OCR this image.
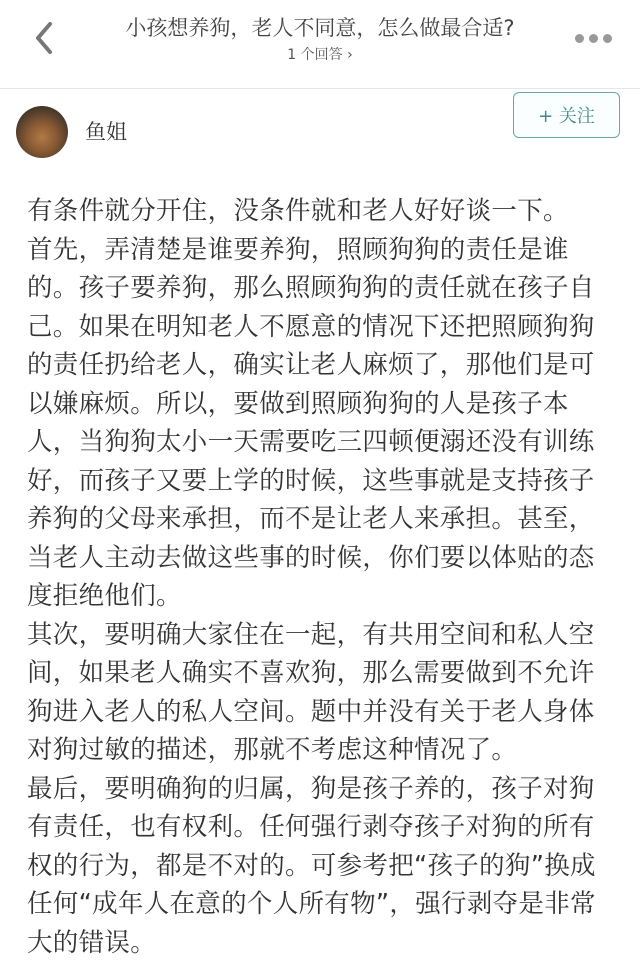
小孩想养狗，老人不同意，怎么做最合适?
1 个回答 ›
鱼姐
+ 关注
有条件就分开住，没条件就和老人好好谈一下。
首先，弄清楚是谁要养狗，照顾狗狗的责任是谁
的。孩子要养狗，那么照顾狗狗的责任就在孩子自
己。如果在明知老人不愿意的情况下还把照顾狗狗
的责任扔给老人，确实让老人麻烦了，那他们是可
以嫌麻烦。所以，要做到照顾狗狗的人是孩子本
人，当狗狗太小一天需要吃三四顿便溺还没有训练
好，而孩子又要上学的时候，这些事就是支持孩子
养狗的父母来承担，而不是让老人来承担。甚至，
当老人主动去做这些事的时候，你们要以体贴的态
度拒绝他们。
其次，要明确大家住在一起，有共用空间和私人空
间，如果老人确实不喜欢狗，那么需要做到不允许
狗进入老人的私人空间。题中并没有关于老人身体
对狗过敏的描述，那就不考虑这种情况了。
最后，要明确狗的归属，狗是孩子养的，孩子对狗
有责任，也有权利。任何强行剥夺孩子对狗的所有
权的行为，都是不对的。可参考把“孩子的狗”换成
任何“成年人在意的个人所有物”，强行剥夺是非常
大的错误。
